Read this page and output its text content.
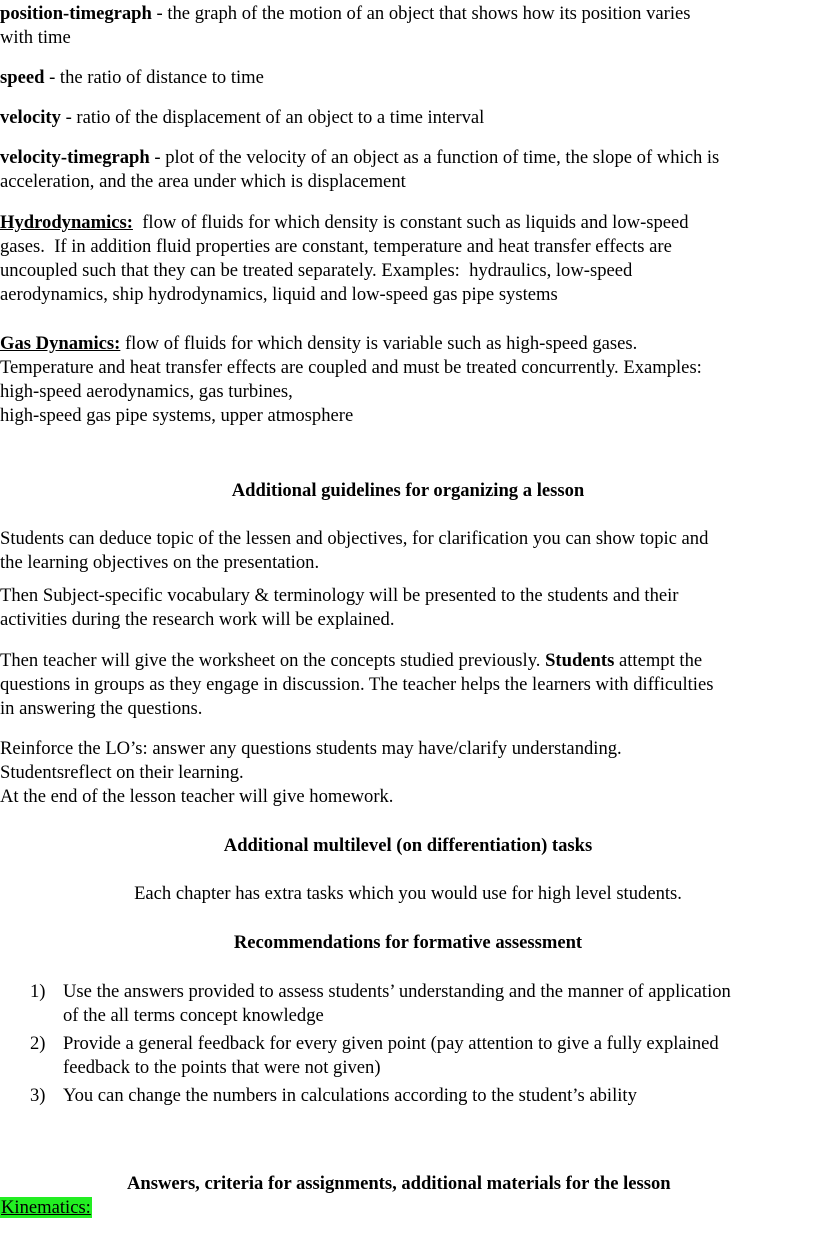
position-timegraph - the graph of the motion of an object that shows how its position varies
with time

speed - the ratio of distance to time

velocity - ratio of the displacement of an object to a time interval

velocity-timegraph - plot of the velocity of an object as a function of time, the slope of which is
acceleration, and the area under which is displacement

Hydrodynamics:  flow of fluids for which density is constant such as liquids and low-speed
gases.  If in addition fluid properties are constant, temperature and heat transfer effects are
uncoupled such that they can be treated separately. Examples:  hydraulics, low-speed
aerodynamics, ship hydrodynamics, liquid and low-speed gas pipe systems

Gas Dynamics: flow of fluids for which density is variable such as high-speed gases.
Temperature and heat transfer effects are coupled and must be treated concurrently. Examples:
high-speed aerodynamics, gas turbines,
high-speed gas pipe systems, upper atmosphere

Additional guidelines for organizing a lesson

Students can deduce topic of the lessen and objectives, for clarification you can show topic and
the learning objectives on the presentation.

Then Subject-specific vocabulary & terminology will be presented to the students and their
activities during the research work will be explained.

Then teacher will give the worksheet on the concepts studied previously. Students attempt the
questions in groups as they engage in discussion. The teacher helps the learners with difficulties
in answering the questions.

Reinforce the LO’s: answer any questions students may have/clarify understanding.
Studentsreflect on their learning.
At the end of the lesson teacher will give homework.

Additional multilevel (on differentiation) tasks

Each chapter has extra tasks which you would use for high level students.

Recommendations for formative assessment

1) Use the answers provided to assess students’ understanding and the manner of application
of the all terms concept knowledge
2) Provide a general feedback for every given point (pay attention to give a fully explained
feedback to the points that were not given)
3) You can change the numbers in calculations according to the student’s ability

Answers, criteria for assignments, additional materials for the lesson

Kinematics:
